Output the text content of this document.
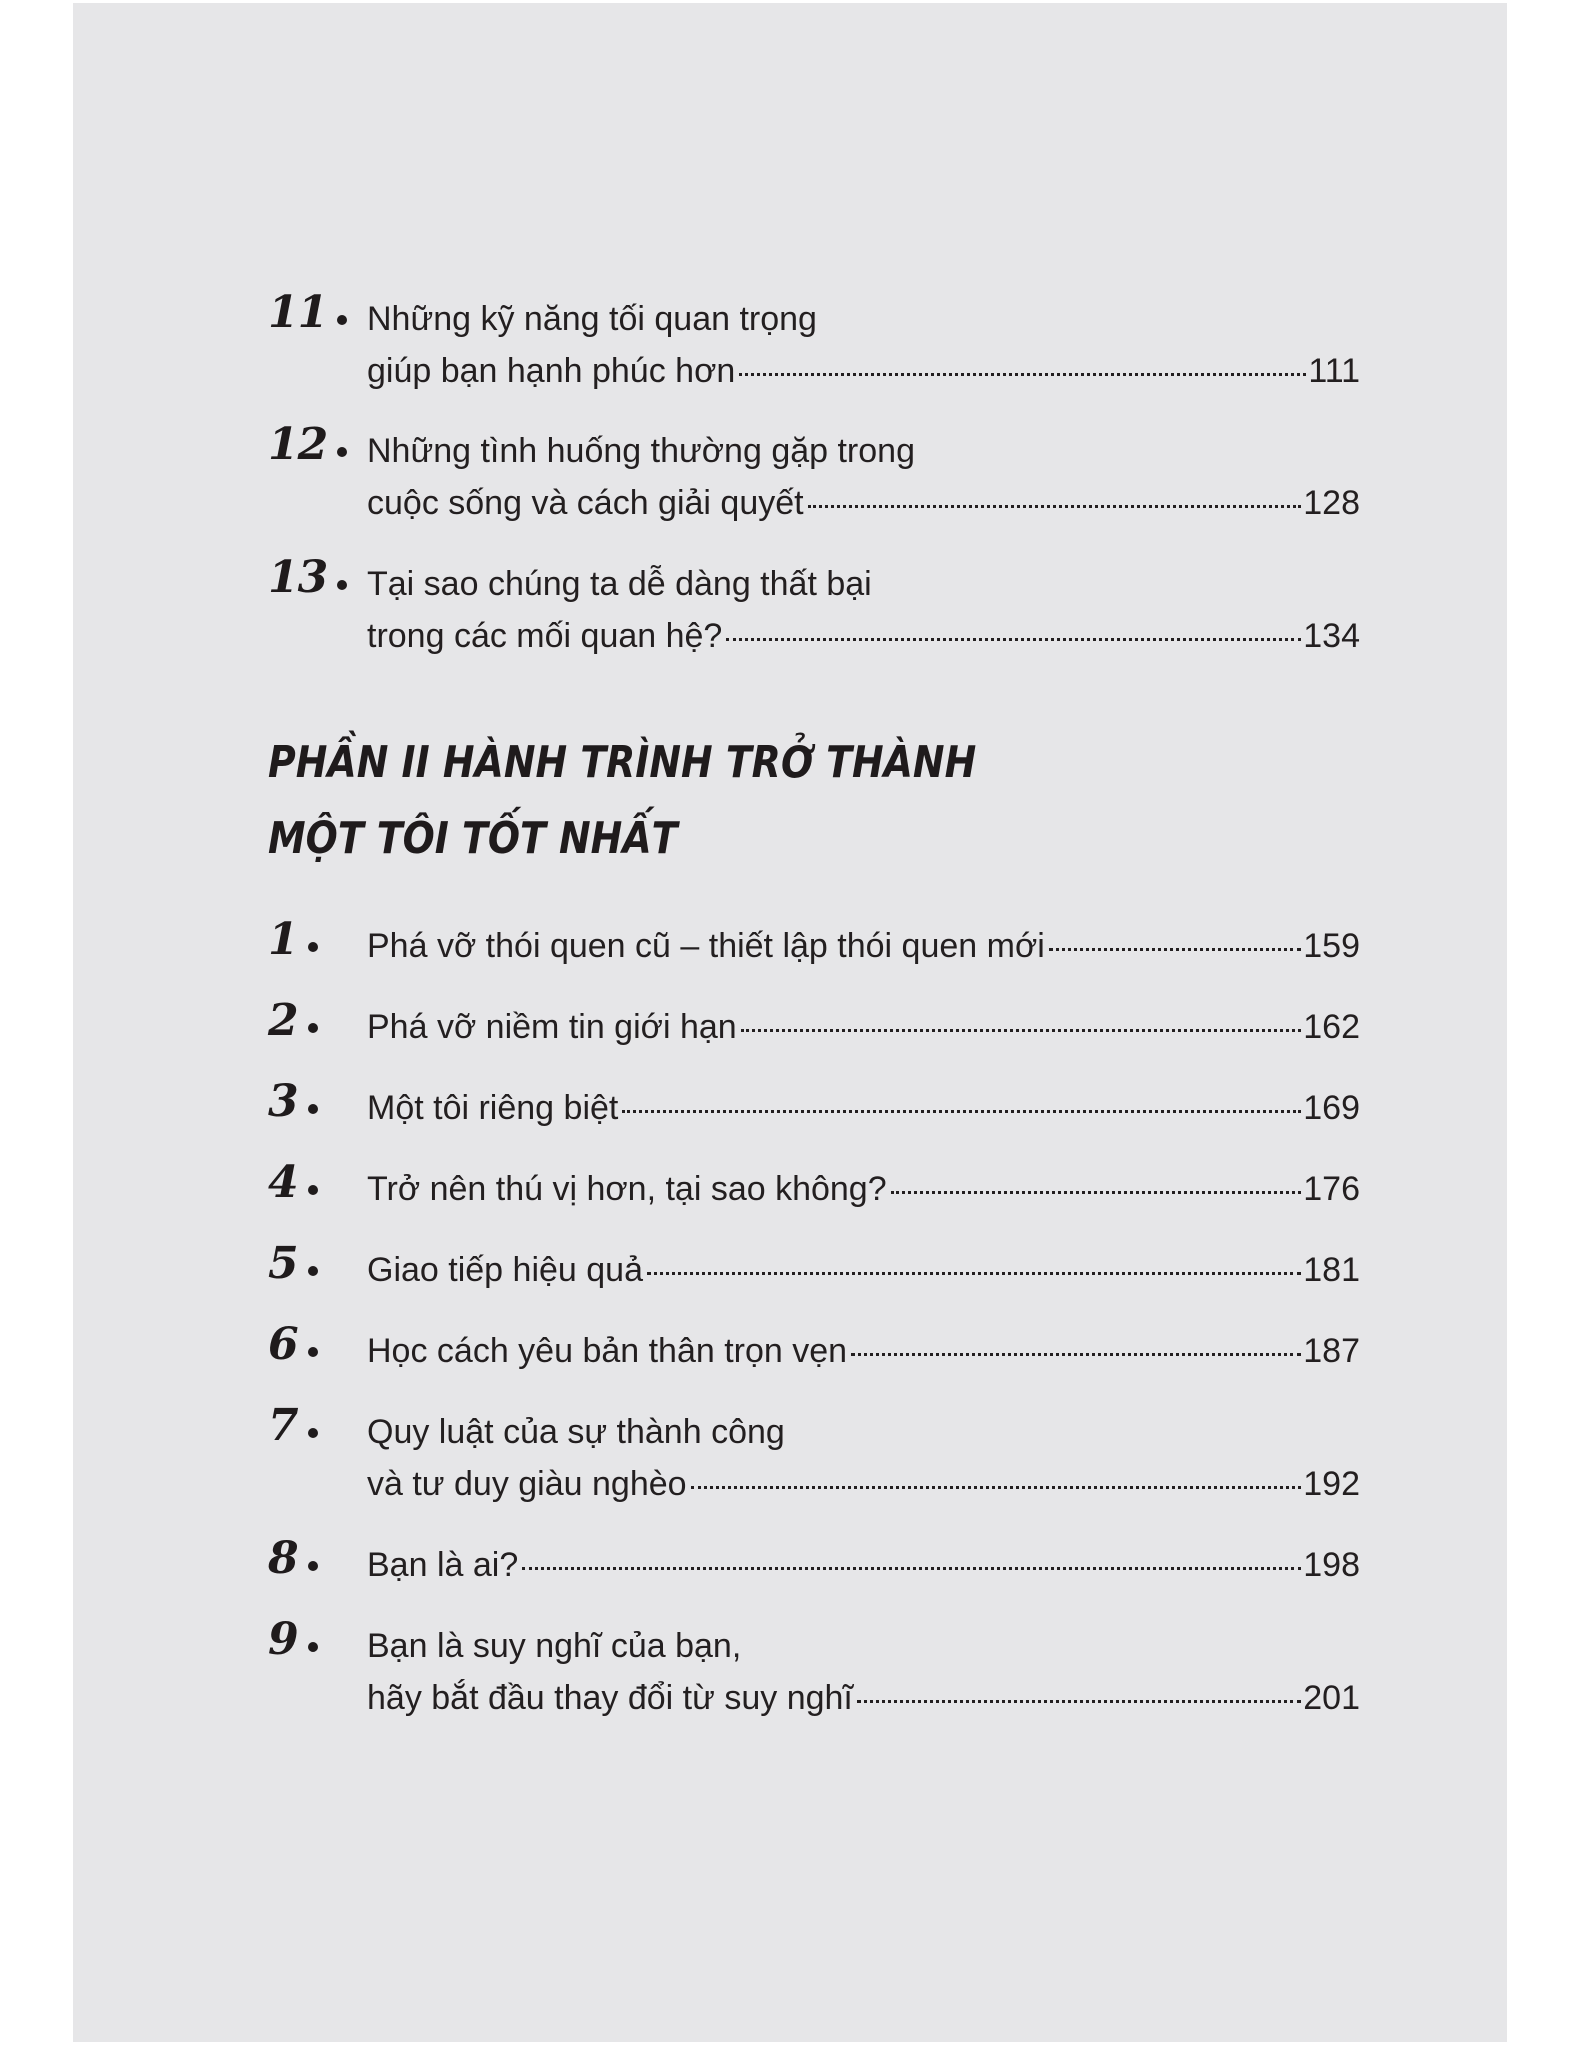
11	Những kỹ năng tối quan trọng
giúp bạn hạnh phúc hơn	111
12	Những tình huống thường gặp trong
cuộc sống và cách giải quyết	128
13	Tại sao chúng ta dễ dàng thất bại
trong các mối quan hệ?	134
PHẦN II HÀNH TRÌNH TRỞ THÀNH
MỘT TÔI TỐT NHẤT
1	Phá vỡ thói quen cũ – thiết lập thói quen mới	159
2	Phá vỡ niềm tin giới hạn	162
3	Một tôi riêng biệt	169
4	Trở nên thú vị hơn, tại sao không?	176
5	Giao tiếp hiệu quả	181
6	Học cách yêu bản thân trọn vẹn	187
7	Quy luật của sự thành công
và tư duy giàu nghèo	192
8	Bạn là ai?	198
9	Bạn là suy nghĩ của bạn,
hãy bắt đầu thay đổi từ suy nghĩ	201
